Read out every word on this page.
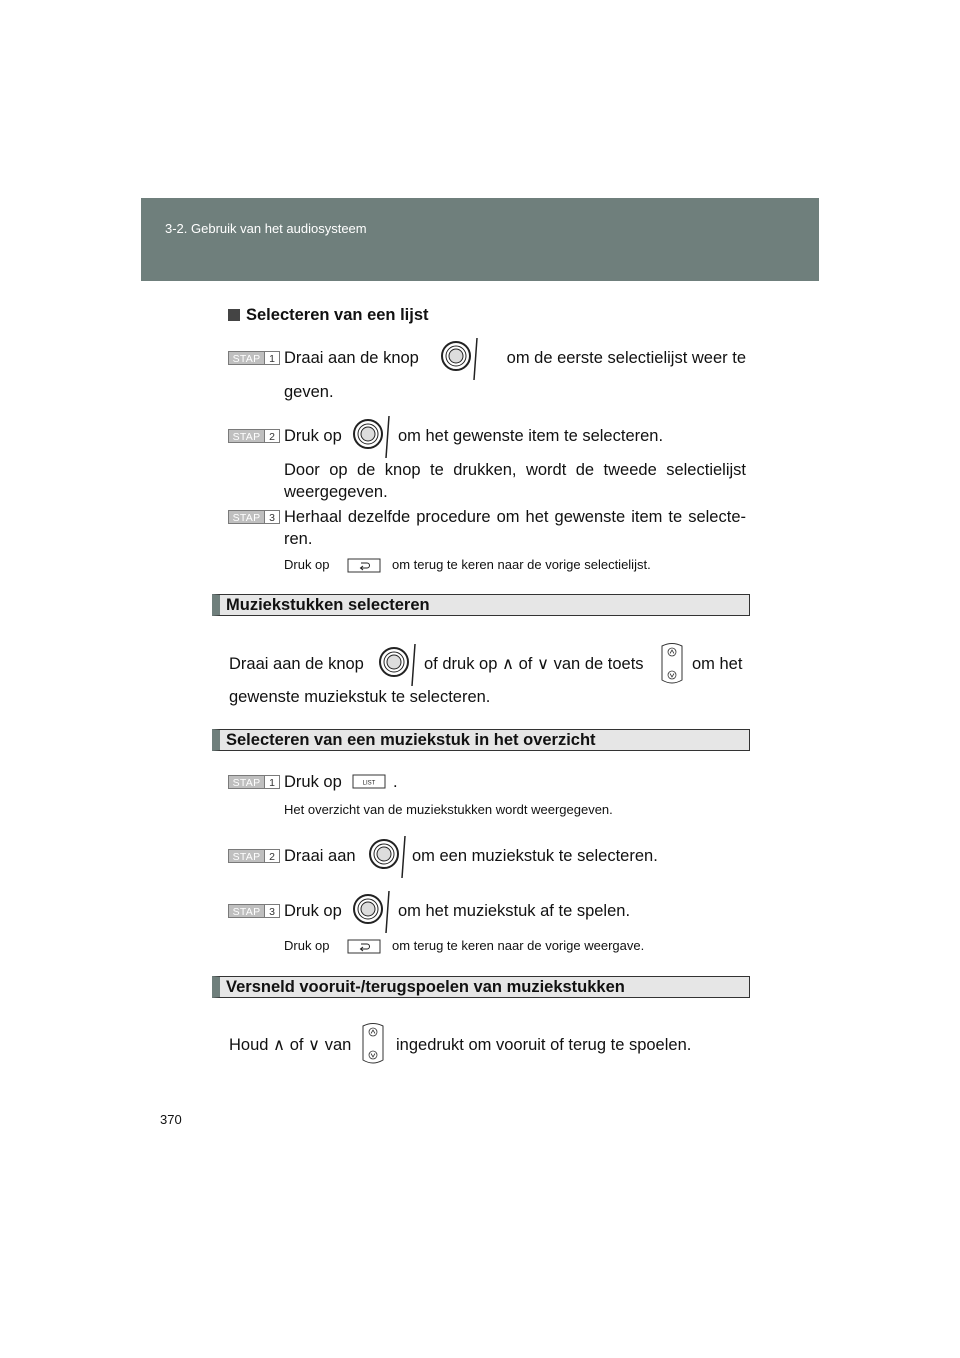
3-2. Gebruik van het audiosysteem
Selecteren van een lijst
STAP 1 Draai aan de knop	om de eerste selectielijst weer te
geven.
STAP 2 Druk op	om het gewenste item te selecteren.
Door op de knop te drukken, wordt de tweede selectielijst
weergegeven.
STAP 3 Herhaal dezelfde procedure om het gewenste item te selecte-
ren.
Druk op	om terug te keren naar de vorige selectielijst.
Muziekstukken selecteren
Draai aan de knop	of druk op ∧ of ∨ van de toets	om het
gewenste muziekstuk te selecteren.
Selecteren van een muziekstuk in het overzicht
STAP 1 Druk op	LIST .
Het overzicht van de muziekstukken wordt weergegeven.
STAP 2 Draai aan	om een muziekstuk te selecteren.
STAP 3 Druk op	om het muziekstuk af te spelen.
Druk op	om terug te keren naar de vorige weergave.
Versneld vooruit-/terugspoelen van muziekstukken
Houd ∧ of ∨ van	ingedrukt om vooruit of terug te spoelen.
370
